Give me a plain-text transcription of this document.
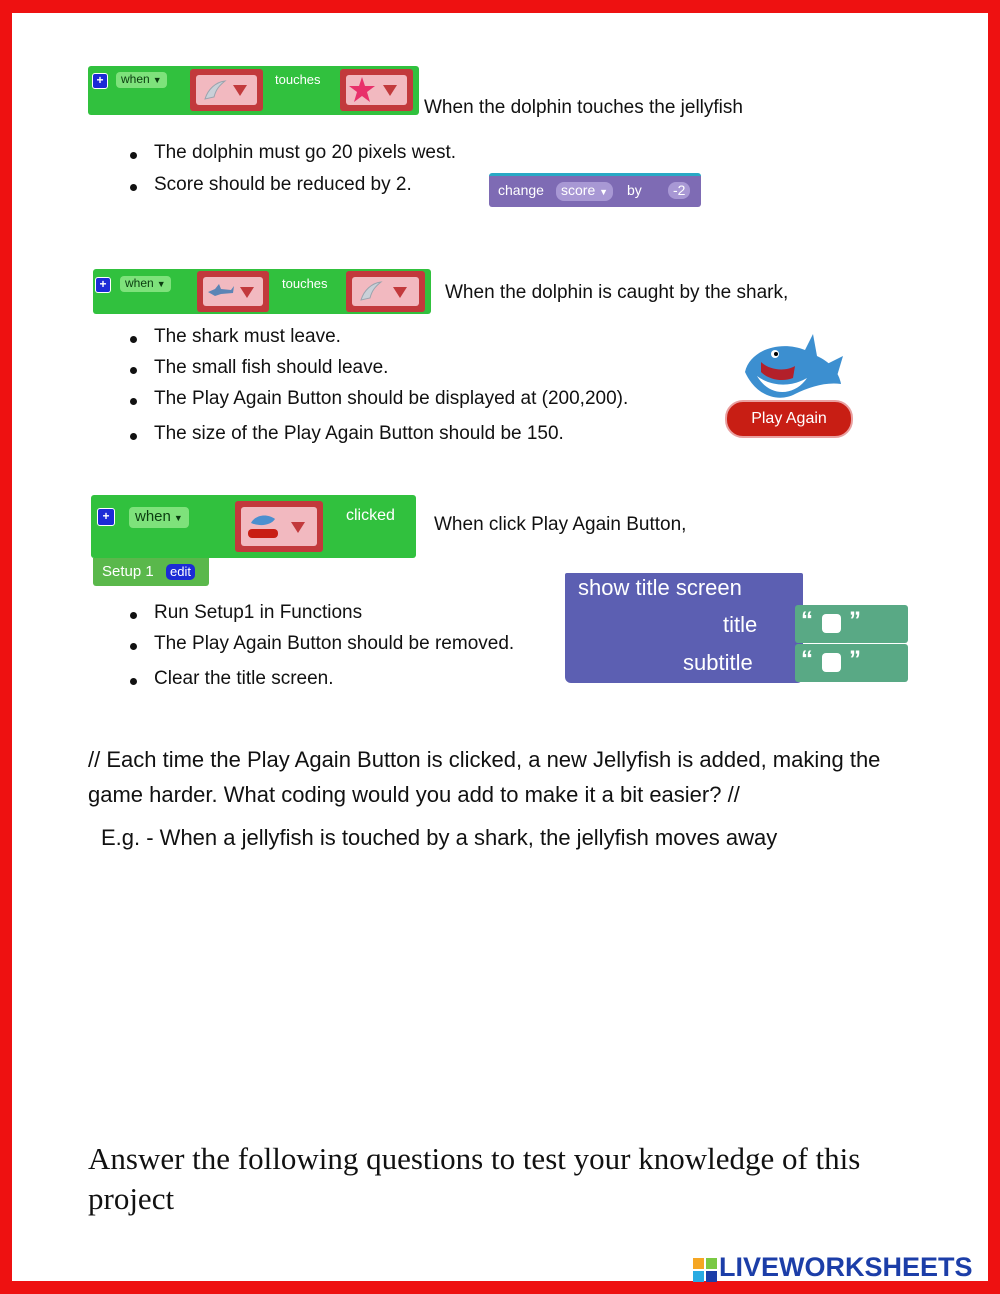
+	when ▼	touches
When the dolphin touches the jellyfish
The dolphin must go 20 pixels west.
Score should be reduced by 2.	change	score ▼	by	-2
+	when ▼	touches	When the dolphin is caught by the shark,
The shark must leave.
The small fish should leave.
The Play Again Button should be displayed at (200,200).
The size of the Play Again Button should be 150.
Play Again
+	when ▼	clicked
Setup 1	edit
When click Play Again Button,
Run Setup1 in Functions
The Play Again Button should be removed.
Clear the title screen.
show title screen
title
subtitle
“ ”
“ ”
// Each time the Play Again Button is clicked, a new Jellyfish is added, making the game harder. What coding would you add to make it a bit easier? //
E.g. - When a jellyfish is touched by a shark, the jellyfish moves away
Answer the following questions to test your knowledge of this project
LIVEWORKSHEETS
